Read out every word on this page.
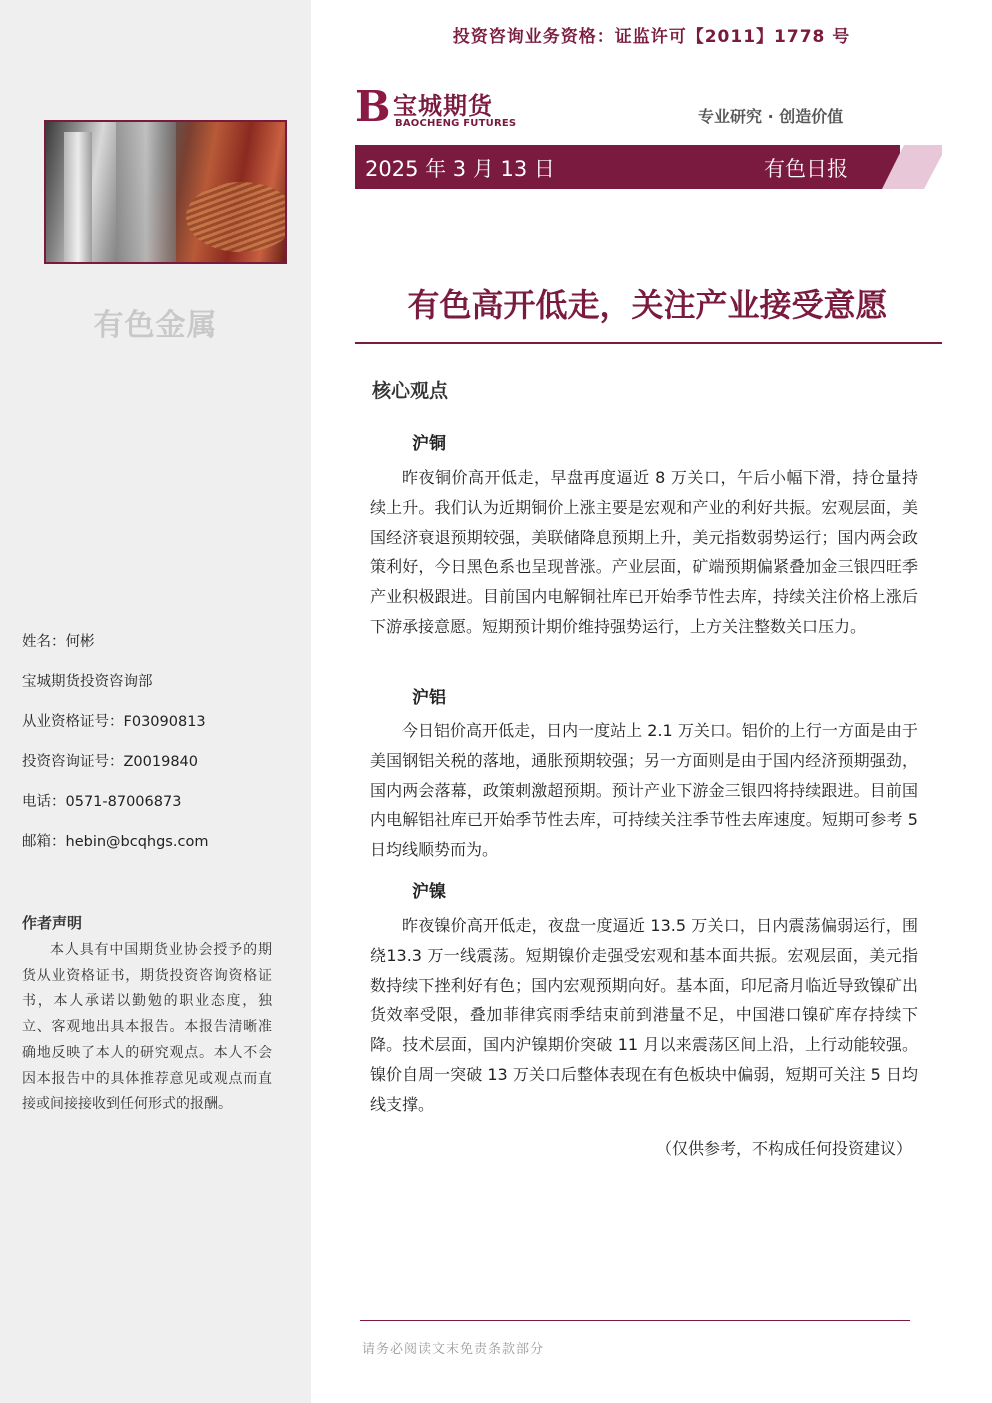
有色金属
姓名：何彬
宝城期货投资咨询部
从业资格证号：F03090813
投资咨询证号：Z0019840
电话：0571-87006873
邮箱：hebin@bcqhgs.com
作者声明
本人具有中国期货业协会授予的期货从业资格证书，期货投资咨询资格证书，本人承诺以勤勉的职业态度，独立、客观地出具本报告。本报告清晰准确地反映了本人的研究观点。本人不会因本报告中的具体推荐意见或观点而直接或间接接收到任何形式的报酬。
投资咨询业务资格：证监许可【2011】1778 号
B 宝城期货
BAOCHENG FUTURES	专业研究 · 创造价值
2025 年 3 月 13 日	有色日报
有色高开低走，关注产业接受意愿
核心观点
沪铜
昨夜铜价高开低走，早盘再度逼近 8 万关口，午后小幅下滑，持仓量持续上升。我们认为近期铜价上涨主要是宏观和产业的利好共振。宏观层面，美国经济衰退预期较强，美联储降息预期上升，美元指数弱势运行；国内两会政策利好，今日黑色系也呈现普涨。产业层面，矿端预期偏紧叠加金三银四旺季产业积极跟进。目前国内电解铜社库已开始季节性去库，持续关注价格上涨后下游承接意愿。短期预计期价维持强势运行，上方关注整数关口压力。
沪铝
今日铝价高开低走，日内一度站上 2.1 万关口。铝价的上行一方面是由于美国钢铝关税的落地，通胀预期较强；另一方面则是由于国内经济预期强劲，国内两会落幕，政策刺激超预期。预计产业下游金三银四将持续跟进。目前国内电解铝社库已开始季节性去库，可持续关注季节性去库速度。短期可参考 5 日均线顺势而为。
沪镍
昨夜镍价高开低走，夜盘一度逼近 13.5 万关口，日内震荡偏弱运行，围绕13.3 万一线震荡。短期镍价走强受宏观和基本面共振。宏观层面，美元指数持续下挫利好有色；国内宏观预期向好。基本面，印尼斋月临近导致镍矿出货效率受限，叠加菲律宾雨季结束前到港量不足，中国港口镍矿库存持续下降。技术层面，国内沪镍期价突破 11 月以来震荡区间上沿，上行动能较强。镍价自周一突破 13 万关口后整体表现在有色板块中偏弱，短期可关注 5 日均线支撑。
（仅供参考，不构成任何投资建议）
请务必阅读文末免责条款部分
